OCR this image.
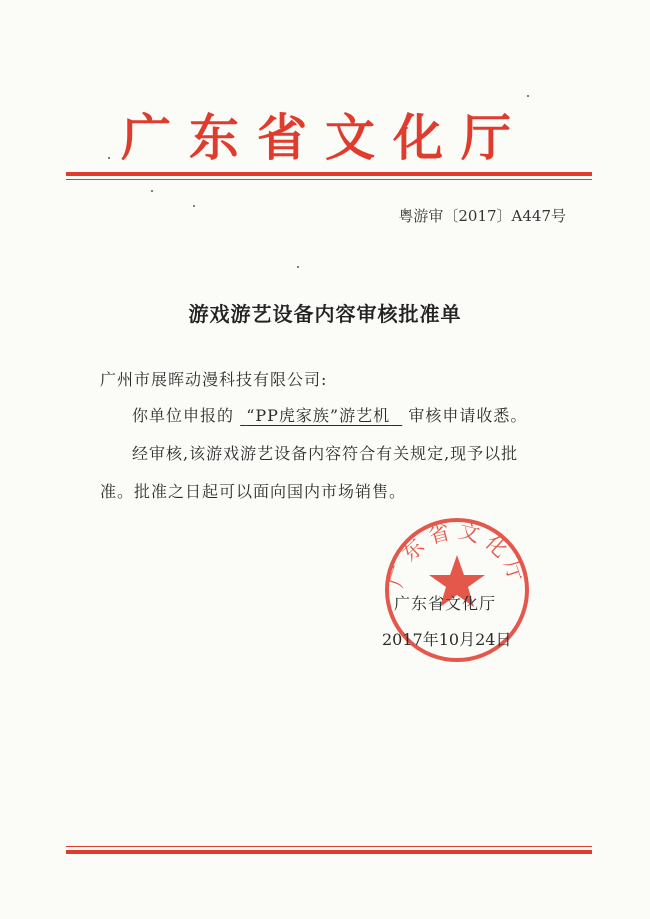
广东省文化厅
粤游审〔2017〕A447号
游戏游艺设备内容审核批准单
广州市展晖动漫科技有限公司:
你单位申报的 “PP虎家族”游艺机 审核申请收悉。
经审核,该游戏游艺设备内容符合有关规定,现予以批
准。批准之日起可以面向国内市场销售。
广东省文化厅
广东省文化厅
2017年10月24日
